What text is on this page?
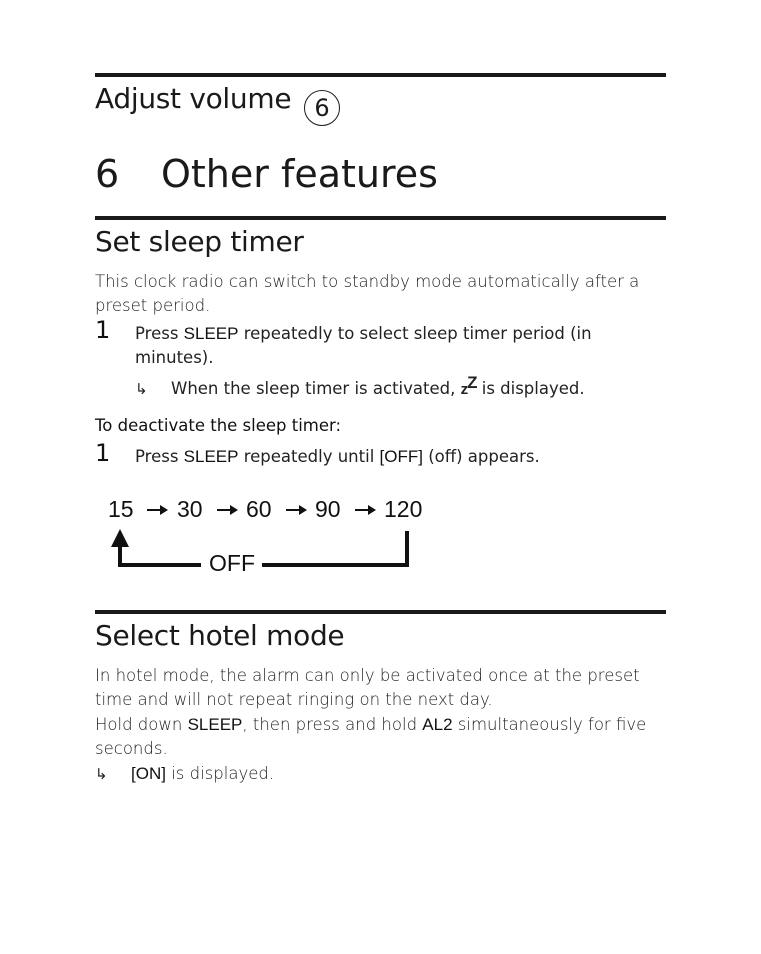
Adjust volume 6
6 Other features
Set sleep timer

This clock radio can switch to standby mode automatically after a preset period.

1 Press SLEEP repeatedly to select sleep timer period (in minutes).
↳ When the sleep timer is activated, $z^Z$ is displayed.
To deactivate the sleep timer:
1 Press SLEEP repeatedly until [OFF] (off) appears.
15 30 60 90 120
OFF
Select hotel mode

In hotel mode, the alarm can only be activated once at the preset time and will not repeat ringing on the next day.

Hold down SLEEP, then press and hold AL2 simultaneously for five seconds.

↳ [ON] is displayed.
